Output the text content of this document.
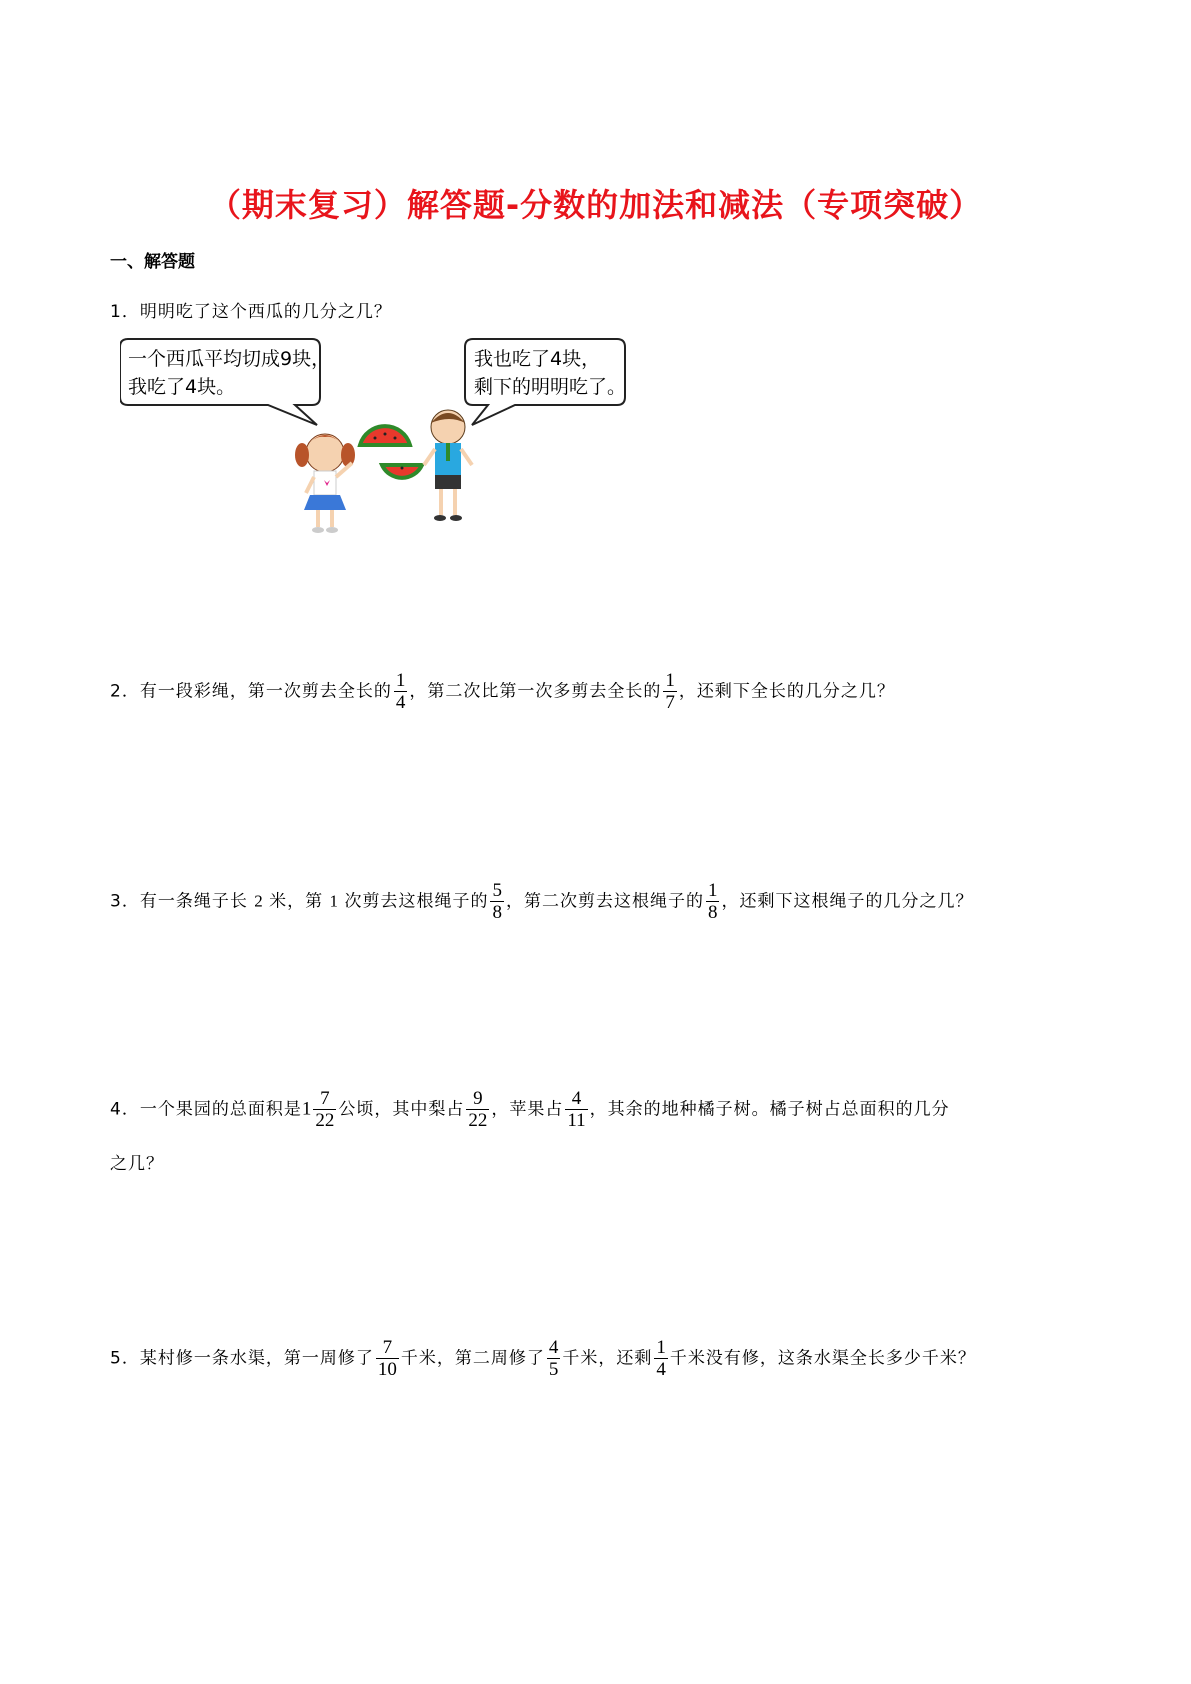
（期末复习）解答题-分数的加法和减法（专项突破）
一、解答题
1．明明吃了这个西瓜的几分之几？
一个西瓜平均切成9块，
我吃了4块。
我也吃了4块，
剩下的明明吃了。
2．有一段彩绳，第一次剪去全长的 $\frac{1}{4}$ ，第二次比第一次多剪去全长的 $\frac{1}{7}$ ，还剩下全长的几分之几？
3．有一条绳子长 2 米，第 1 次剪去这根绳子的 $\frac{5}{8}$ ，第二次剪去这根绳子的 $\frac{1}{8}$ ，还剩下这根绳子的几分之几？
4．一个果园的总面积是$1 \frac{7}{22}$ 公顷，其中梨占 $\frac{9}{22}$ ，苹果占 $\frac{4}{11}$ ，其余的地种橘子树。橘子树占总面积的几分
之几？
5．某村修一条水渠，第一周修了 $\frac{7}{10}$ 千米，第二周修了 $\frac{4}{5}$ 千米，还剩 $\frac{1}{4}$ 千米没有修，这条水渠全长多少千米？
